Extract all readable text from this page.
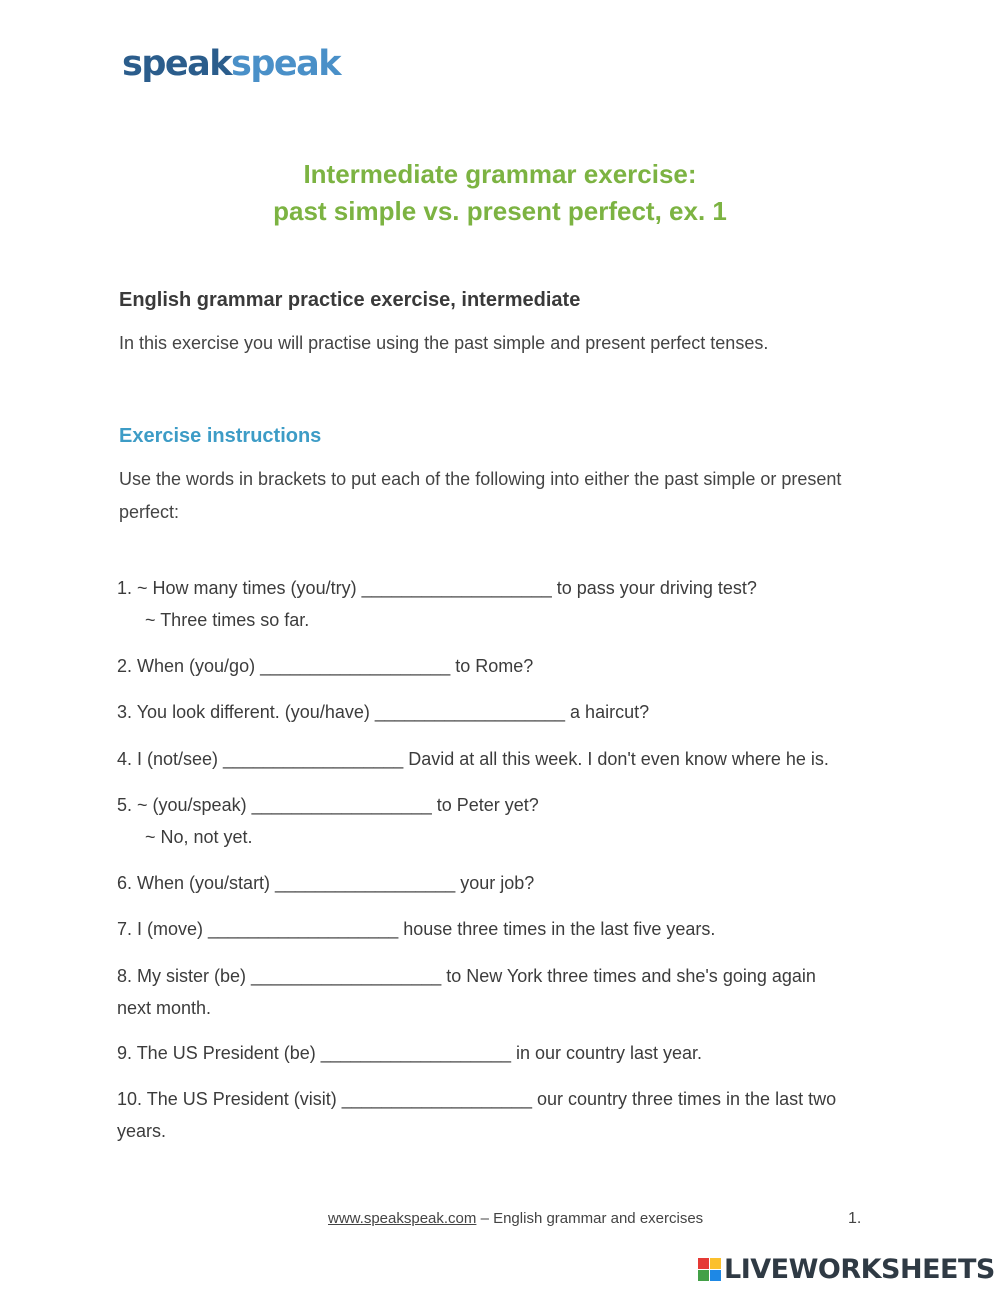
speakspeak
Intermediate grammar exercise:
past simple vs. present perfect, ex. 1
English grammar practice exercise, intermediate
In this exercise you will practise using the past simple and present perfect tenses.
Exercise instructions
Use the words in brackets to put each of the following into either the past simple or present perfect:
1. ~ How many times (you/try) ___________________ to pass your driving test?
~ Three times so far.
2. When (you/go) ___________________ to Rome?
3. You look different. (you/have) ___________________ a haircut?
4. I (not/see) __________________ David at all this week. I don't even know where he is.
5. ~ (you/speak) __________________ to Peter yet?
~ No, not yet.
6. When (you/start) __________________ your job?
7. I (move) ___________________ house three times in the last five years.
8. My sister (be) ___________________ to New York three times and she's going again
next month.
9. The US President (be) ___________________ in our country last year.
10. The US President (visit) ___________________ our country three times in the last two
years.
www.speakspeak.com – English grammar and exercises	1.
LIVEWORKSHEETS
